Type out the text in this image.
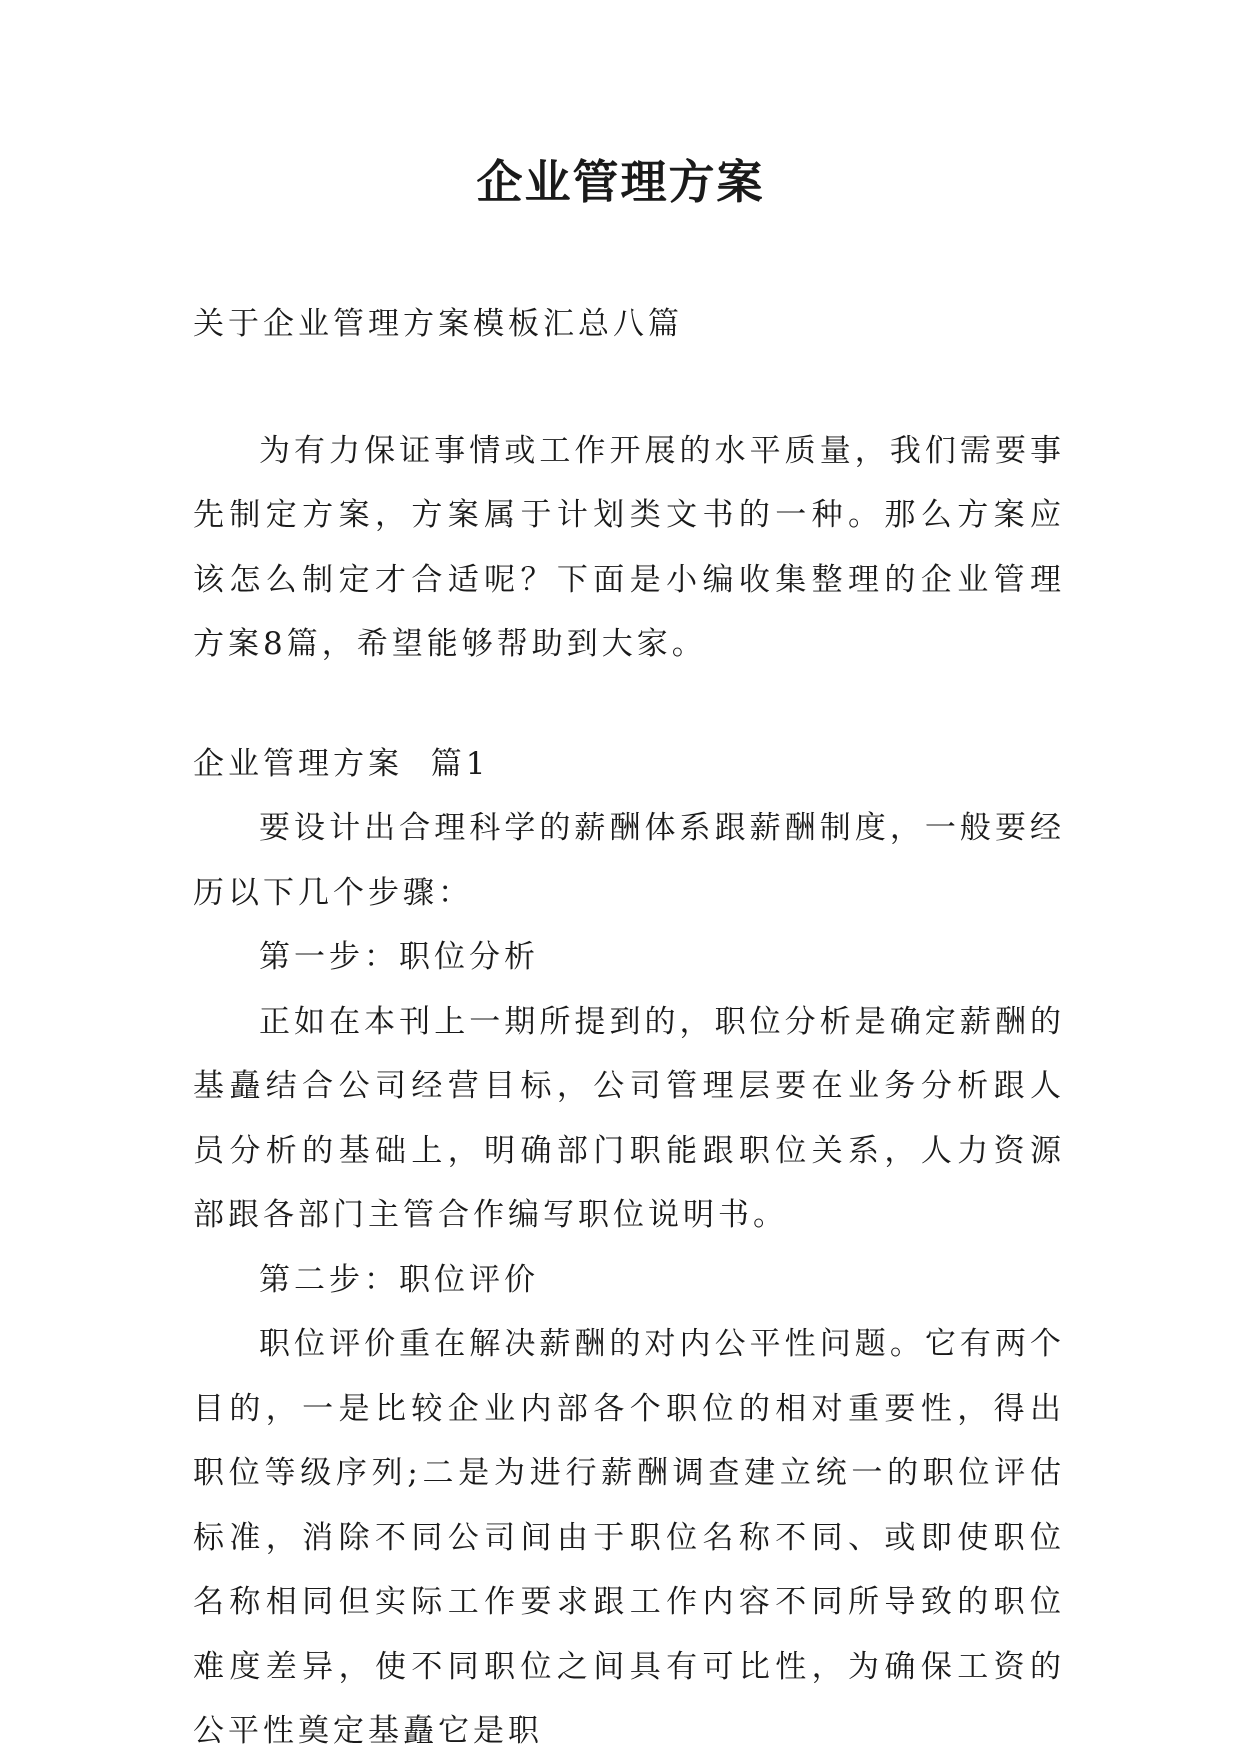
企业管理方案

关于企业管理方案模板汇总八篇

为有力保证事情或工作开展的水平质量，我们需要事先制定方案，方案属于计划类文书的一种。那么方案应该怎么制定才合适呢？下面是小编收集整理的企业管理方案8篇，希望能够帮助到大家。

企业管理方案  篇1

要设计出合理科学的薪酬体系跟薪酬制度，一般要经历以下几个步骤：

第一步：职位分析

正如在本刊上一期所提到的，职位分析是确定薪酬的基矗结合公司经营目标，公司管理层要在业务分析跟人员分析的基础上，明确部门职能跟职位关系，人力资源部跟各部门主管合作编写职位说明书。

第二步：职位评价

职位评价重在解决薪酬的对内公平性问题。它有两个目的，一是比较企业内部各个职位的相对重要性，得出职位等级序列;二是为进行薪酬调查建立统一的职位评估标准，消除不同公司间由于职位名称不同、或即使职位名称相同但实际工作要求跟工作内容不同所导致的职位难度差异，使不同职位之间具有可比性，为确保工资的公平性奠定基矗它是职
